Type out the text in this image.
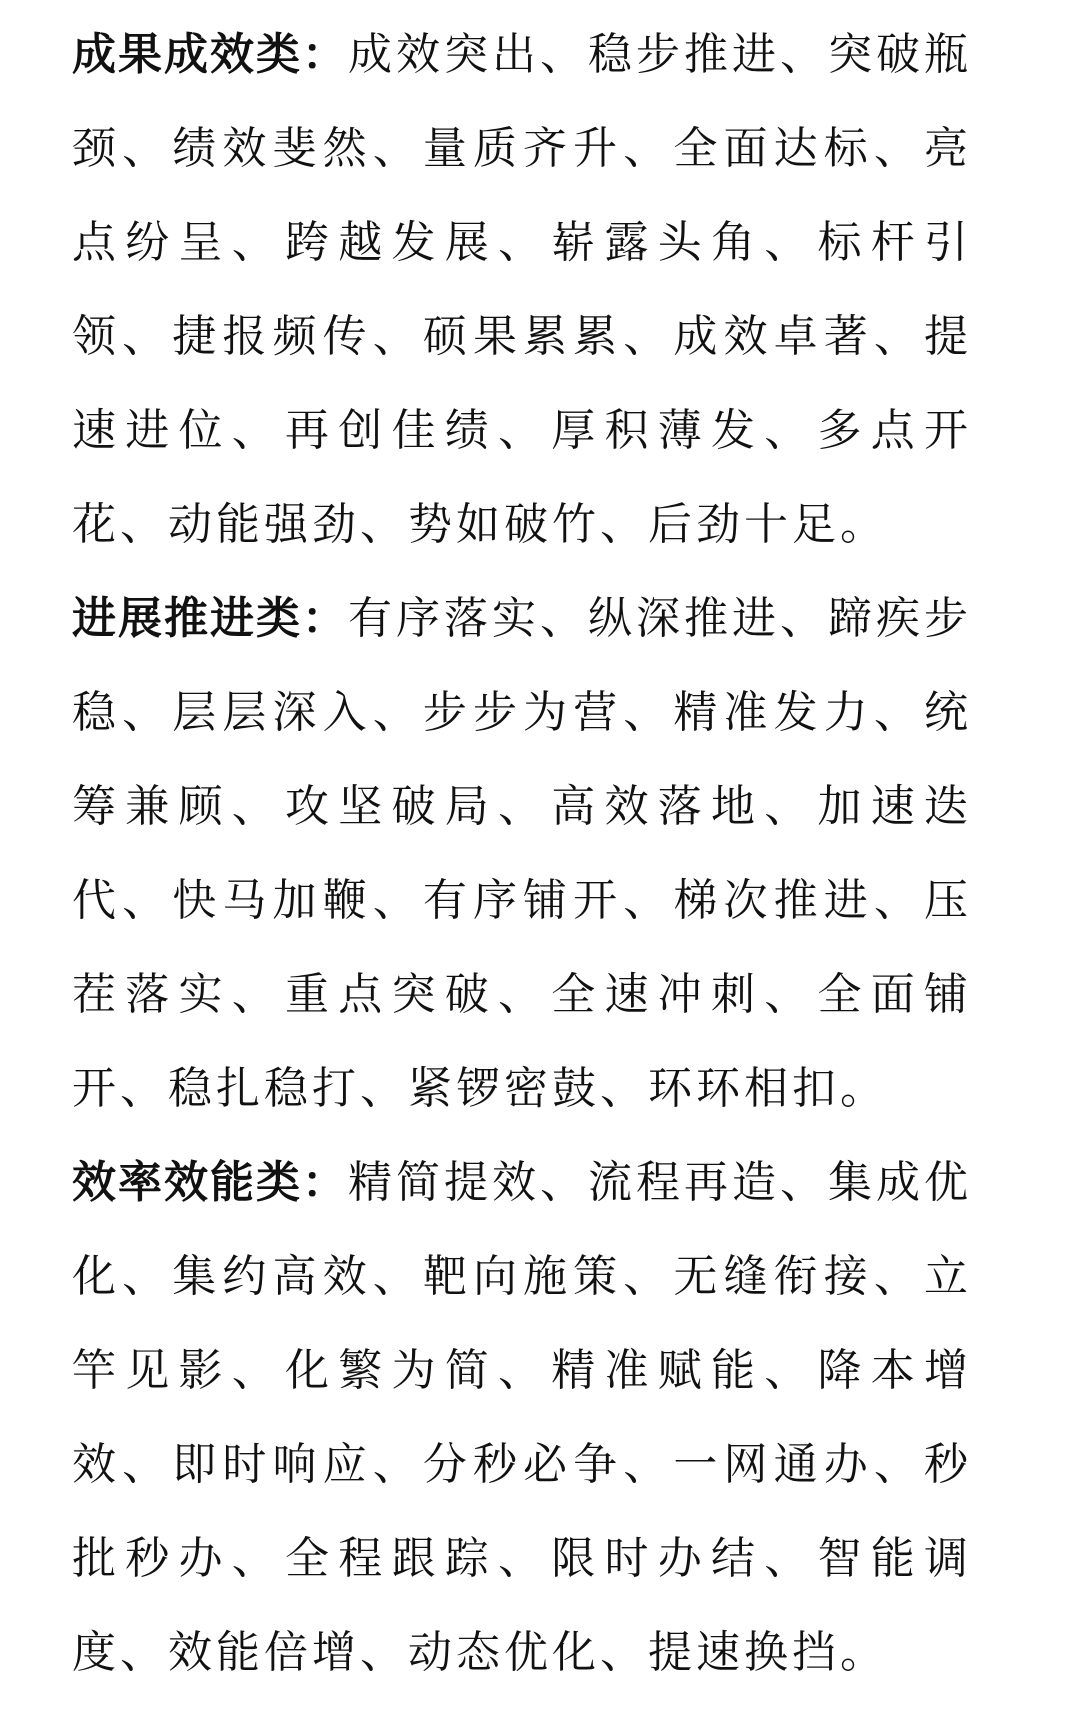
成果成效类：成效突出、稳步推进、突破瓶颈、绩效斐然、量质齐升、全面达标、亮点纷呈、跨越发展、崭露头角、标杆引领、捷报频传、硕果累累、成效卓著、提速进位、再创佳绩、厚积薄发、多点开花、动能强劲、势如破竹、后劲十足。

进展推进类：有序落实、纵深推进、蹄疾步稳、层层深入、步步为营、精准发力、统筹兼顾、攻坚破局、高效落地、加速迭代、快马加鞭、有序铺开、梯次推进、压茬落实、重点突破、全速冲刺、全面铺开、稳扎稳打、紧锣密鼓、环环相扣。

效率效能类：精简提效、流程再造、集成优化、集约高效、靶向施策、无缝衔接、立竿见影、化繁为简、精准赋能、降本增效、即时响应、分秒必争、一网通办、秒批秒办、全程跟踪、限时办结、智能调度、效能倍增、动态优化、提速换挡。
